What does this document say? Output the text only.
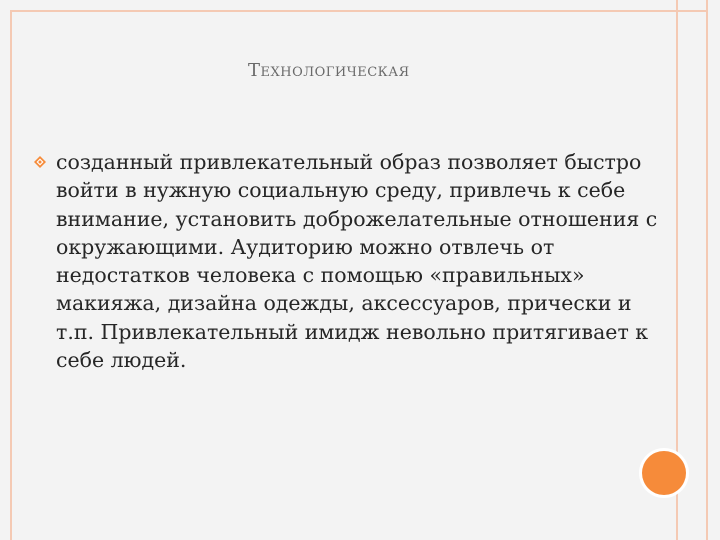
Технологическая
созданный привлекательный образ позволяет быстро
войти в нужную социальную среду, привлечь к себе
внимание, установить доброжелательные отношения с
окружающими. Аудиторию можно отвлечь от
недостатков человека с помощью «правильных»
макияжа, дизайна одежды, аксессуаров, прически и
т.п. Привлекательный имидж невольно притягивает к
себе людей.
